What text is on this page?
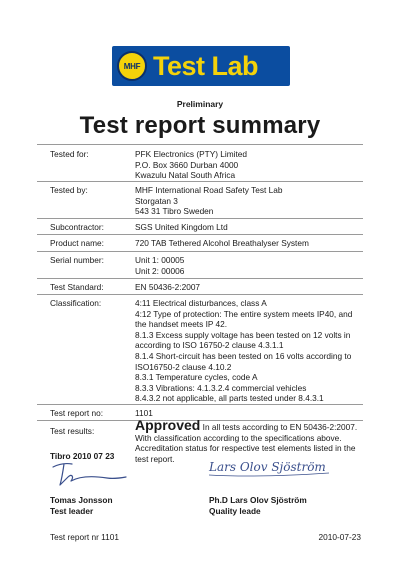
MHF Test Lab
Preliminary
Test report summary
Tested for:	PFK Electronics (PTY) Limited
P.O. Box 3660 Durban 4000
Kwazulu Natal South Africa
Tested by:	MHF International Road Safety Test Lab
Storgatan 3
543 31 Tibro Sweden
Subcontractor:	SGS United Kingdom Ltd
Product name:	720 TAB Tethered Alcohol Breathalyser System
Serial number:	Unit 1: 00005
Unit 2: 00006
Test Standard:	EN 50436-2:2007
Classification:	4:11 Electrical disturbances, class A
4:12 Type of protection: The entire system meets IP40, and
the handset meets IP 42.
8.1.3 Excess supply voltage has been tested on 12 volts in
according to ISO 16750-2 clause 4.3.1.1
8.1.4 Short-circuit has been tested on 16 volts according to
ISO16750-2 clause 4.10.2
8.3.1 Temperature cycles, code A
8.3.3 Vibrations: 4.1.3.2.4 commercial vehicles
8.4.3.2 not applicable, all parts tested under 8.4.3.1
Test report no:	1101
Test results:	Approved In all tests according to EN 50436-2:2007.
With classification according to the specifications above.
Accreditation status for respective test elements listed in the
test report.
Tibro 2010 07 23
Lars Olov Sjöström
Tomas Jonsson
Test leader
Ph.D Lars Olov Sjöström
Quality leade
Test report nr 1101	2010-07-23
